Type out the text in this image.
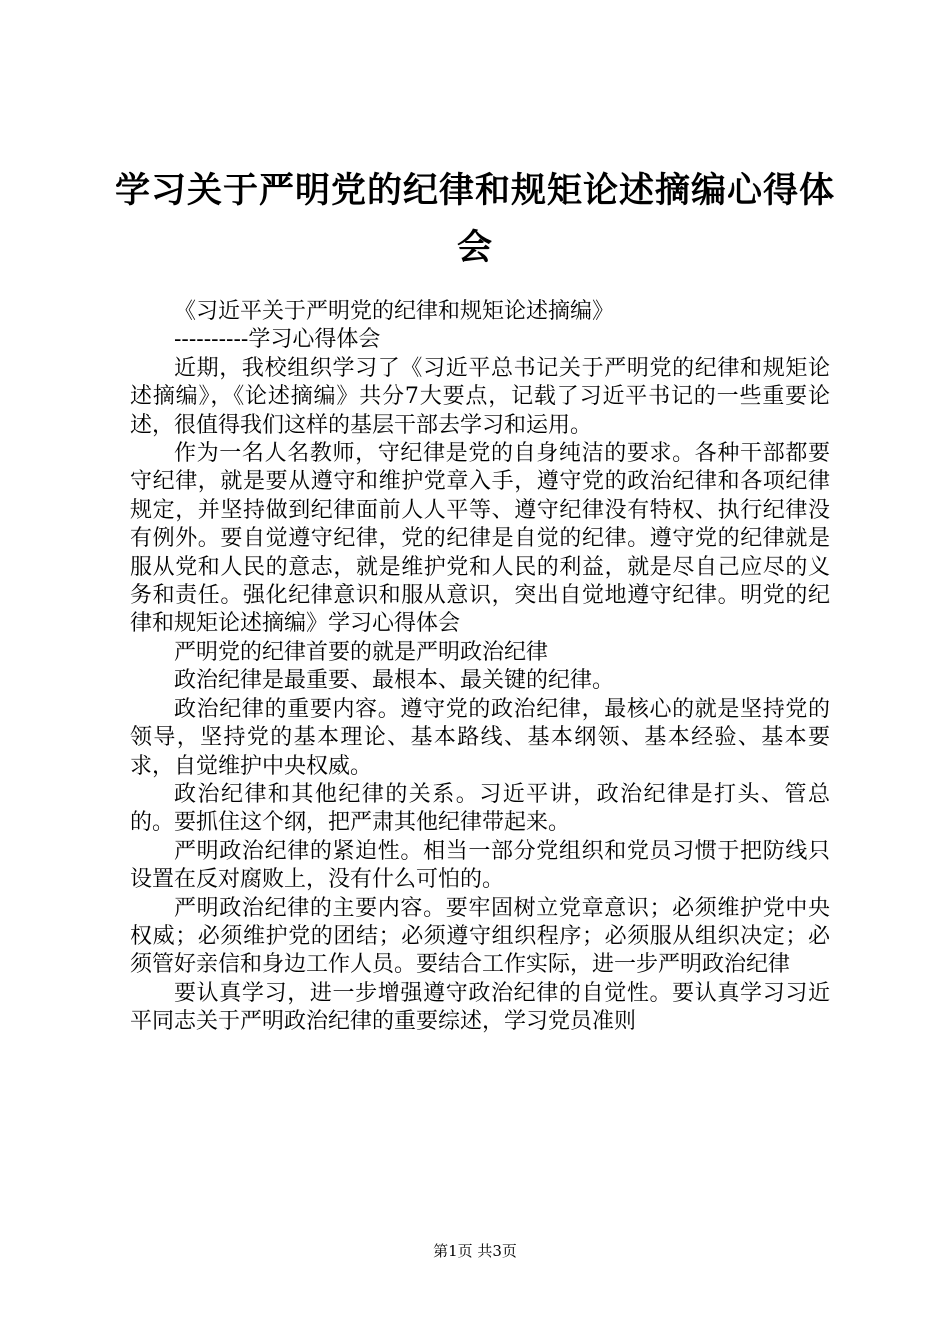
学习关于严明党的纪律和规矩论述摘编心得体会

《习近平关于严明党的纪律和规矩论述摘编》

----------学习心得体会

近期，我校组织学习了《习近平总书记关于严明党的纪律和规矩论述摘编》，《论述摘编》共分7大要点，记载了习近平书记的一些重要论述，很值得我们这样的基层干部去学习和运用。

作为一名人名教师，守纪律是党的自身纯洁的要求。各种干部都要守纪律，就是要从遵守和维护党章入手，遵守党的政治纪律和各项纪律规定，并坚持做到纪律面前人人平等、遵守纪律没有特权、执行纪律没有例外。要自觉遵守纪律，党的纪律是自觉的纪律。遵守党的纪律就是服从党和人民的意志，就是维护党和人民的利益，就是尽自己应尽的义务和责任。强化纪律意识和服从意识，突出自觉地遵守纪律。明党的纪律和规矩论述摘编》学习心得体会

严明党的纪律首要的就是严明政治纪律

政治纪律是最重要、最根本、最关键的纪律。

政治纪律的重要内容。遵守党的政治纪律，最核心的就是坚持党的领导，坚持党的基本理论、基本路线、基本纲领、基本经验、基本要求，自觉维护中央权威。

政治纪律和其他纪律的关系。习近平讲，政治纪律是打头、管总的。要抓住这个纲，把严肃其他纪律带起来。

严明政治纪律的紧迫性。相当一部分党组织和党员习惯于把防线只设置在反对腐败上，没有什么可怕的。

严明政治纪律的主要内容。要牢固树立党章意识；必须维护党中央权威；必须维护党的团结；必须遵守组织程序；必须服从组织决定；必须管好亲信和身边工作人员。要结合工作实际，进一步严明政治纪律

要认真学习，进一步增强遵守政治纪律的自觉性。要认真学习习近平同志关于严明政治纪律的重要综述，学习党员准则

第1页 共3页
